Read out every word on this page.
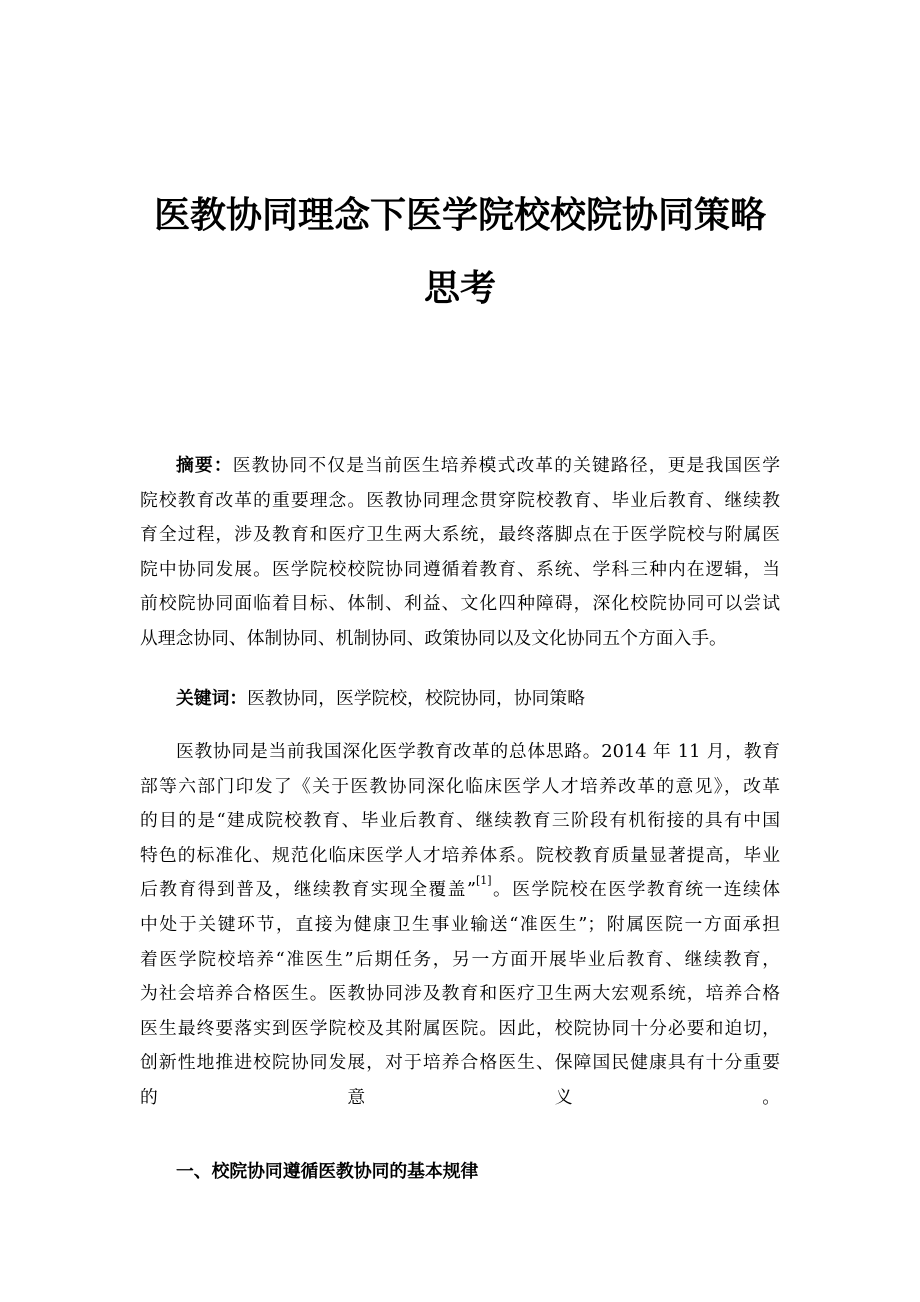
医教协同理念下医学院校校院协同策略
思考
摘要：医教协同不仅是当前医生培养模式改革的关键路径，更是我国医学
院校教育改革的重要理念。医教协同理念贯穿院校教育、毕业后教育、继续教
育全过程，涉及教育和医疗卫生两大系统，最终落脚点在于医学院校与附属医
院中协同发展。医学院校校院协同遵循着教育、系统、学科三种内在逻辑，当
前校院协同面临着目标、体制、利益、文化四种障碍，深化校院协同可以尝试
从理念协同、体制协同、机制协同、政策协同以及文化协同五个方面入手。
关键词：医教协同，医学院校，校院协同，协同策略
医教协同是当前我国深化医学教育改革的总体思路。2014 年 11 月，教育
部等六部门印发了《关于医教协同深化临床医学人才培养改革的意见》，改革
的目的是“建成院校教育、毕业后教育、继续教育三阶段有机衔接的具有中国
特色的标准化、规范化临床医学人才培养体系。院校教育质量显著提高，毕业
后教育得到普及，继续教育实现全覆盖”[1]。医学院校在医学教育统一连续体
中处于关键环节，直接为健康卫生事业输送“准医生”；附属医院一方面承担
着医学院校培养“准医生”后期任务，另一方面开展毕业后教育、继续教育，
为社会培养合格医生。医教协同涉及教育和医疗卫生两大宏观系统，培养合格
医生最终要落实到医学院校及其附属医院。因此，校院协同十分必要和迫切，
创新性地推进校院协同发展，对于培养合格医生、保障国民健康具有十分重要
的意义。
一、校院协同遵循医教协同的基本规律
